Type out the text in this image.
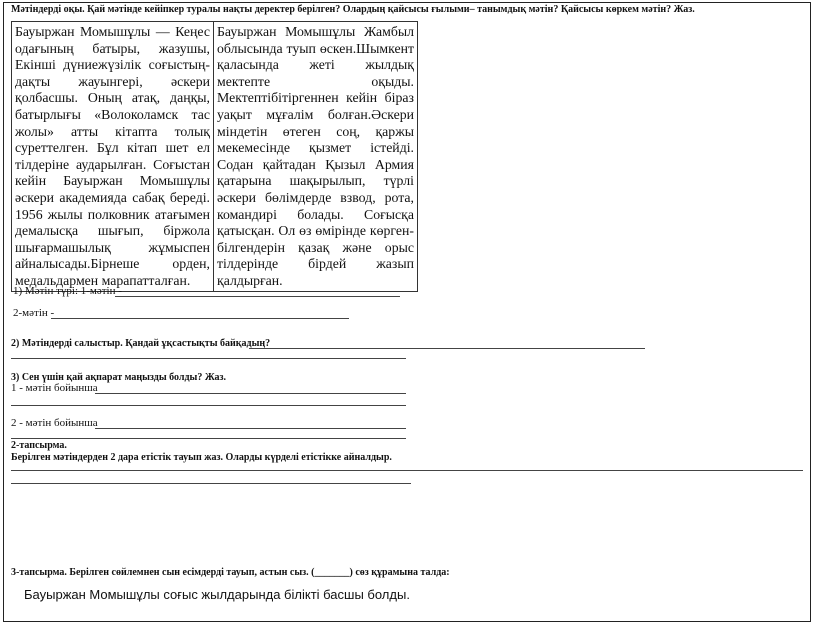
Мәтіндерді оқы. Қай мәтінде кейіпкер туралы нақты деректер берілген? Олардың қайсысы ғылыми– танымдық мәтін? Қайсысы көркем мәтін? Жаз.
Бауыржан Момышұлы — Кеңес одағының батыры, жазушы, Екінші дүниежүзілік соғыстыңдақты жауынгері, әскери қолбасшы. Оның атақ, даңқы, батырлығы «Волоколамск тас жолы» атты кітапта толық суреттелген. Бұл кітап шет ел тілдеріне аударылған. Соғыстан кейін Бауыржан Момышұлы әскери академияда сабақ береді. 1956 жылы полковник атағымен демалысқа шығып, біржола шығармашылық жұмыспен айналысады.Бірнеше орден, медальдармен марапатталған.	Бауыржан Момышұлы Жамбыл облысында туып өскен.Шымкент қаласында жеті жылдық мектепте оқыды. Мектептібітіргеннен кейін біраз уақыт мұғалім болған.Әскери міндетін өтеген соң, қаржы мекемесінде қызмет істейді. Содан қайтадан Қызыл Армия қатарына шақырылып, түрлі әскери бөлімдерде взвод, рота, командирі болады. Соғысқа қатысқан. Ол өз өмірінде көрген-білгендерін қазақ және орыс тілдерінде бірдей жазып қалдырған.
1) Мәтін түрі: 1-мәтін -
2-мәтін -
2) Мәтіндерді салыстыр. Қандай ұқсастықты байқадың?
3) Сен үшін қай ақпарат маңызды болды? Жаз.
1 - мәтін бойынша
2 - мәтін бойынша
2-тапсырма.
Берілген мәтіндерден 2 дара етістік тауып жаз. Оларды күрделі етістікке айналдыр.
3-тапсырма. Берілген сөйлемнен сын есімдерді тауып, астын сыз. (_______) сөз құрамына талда:
Бауыржан Момышұлы соғыс жылдарында білікті басшы болды.
